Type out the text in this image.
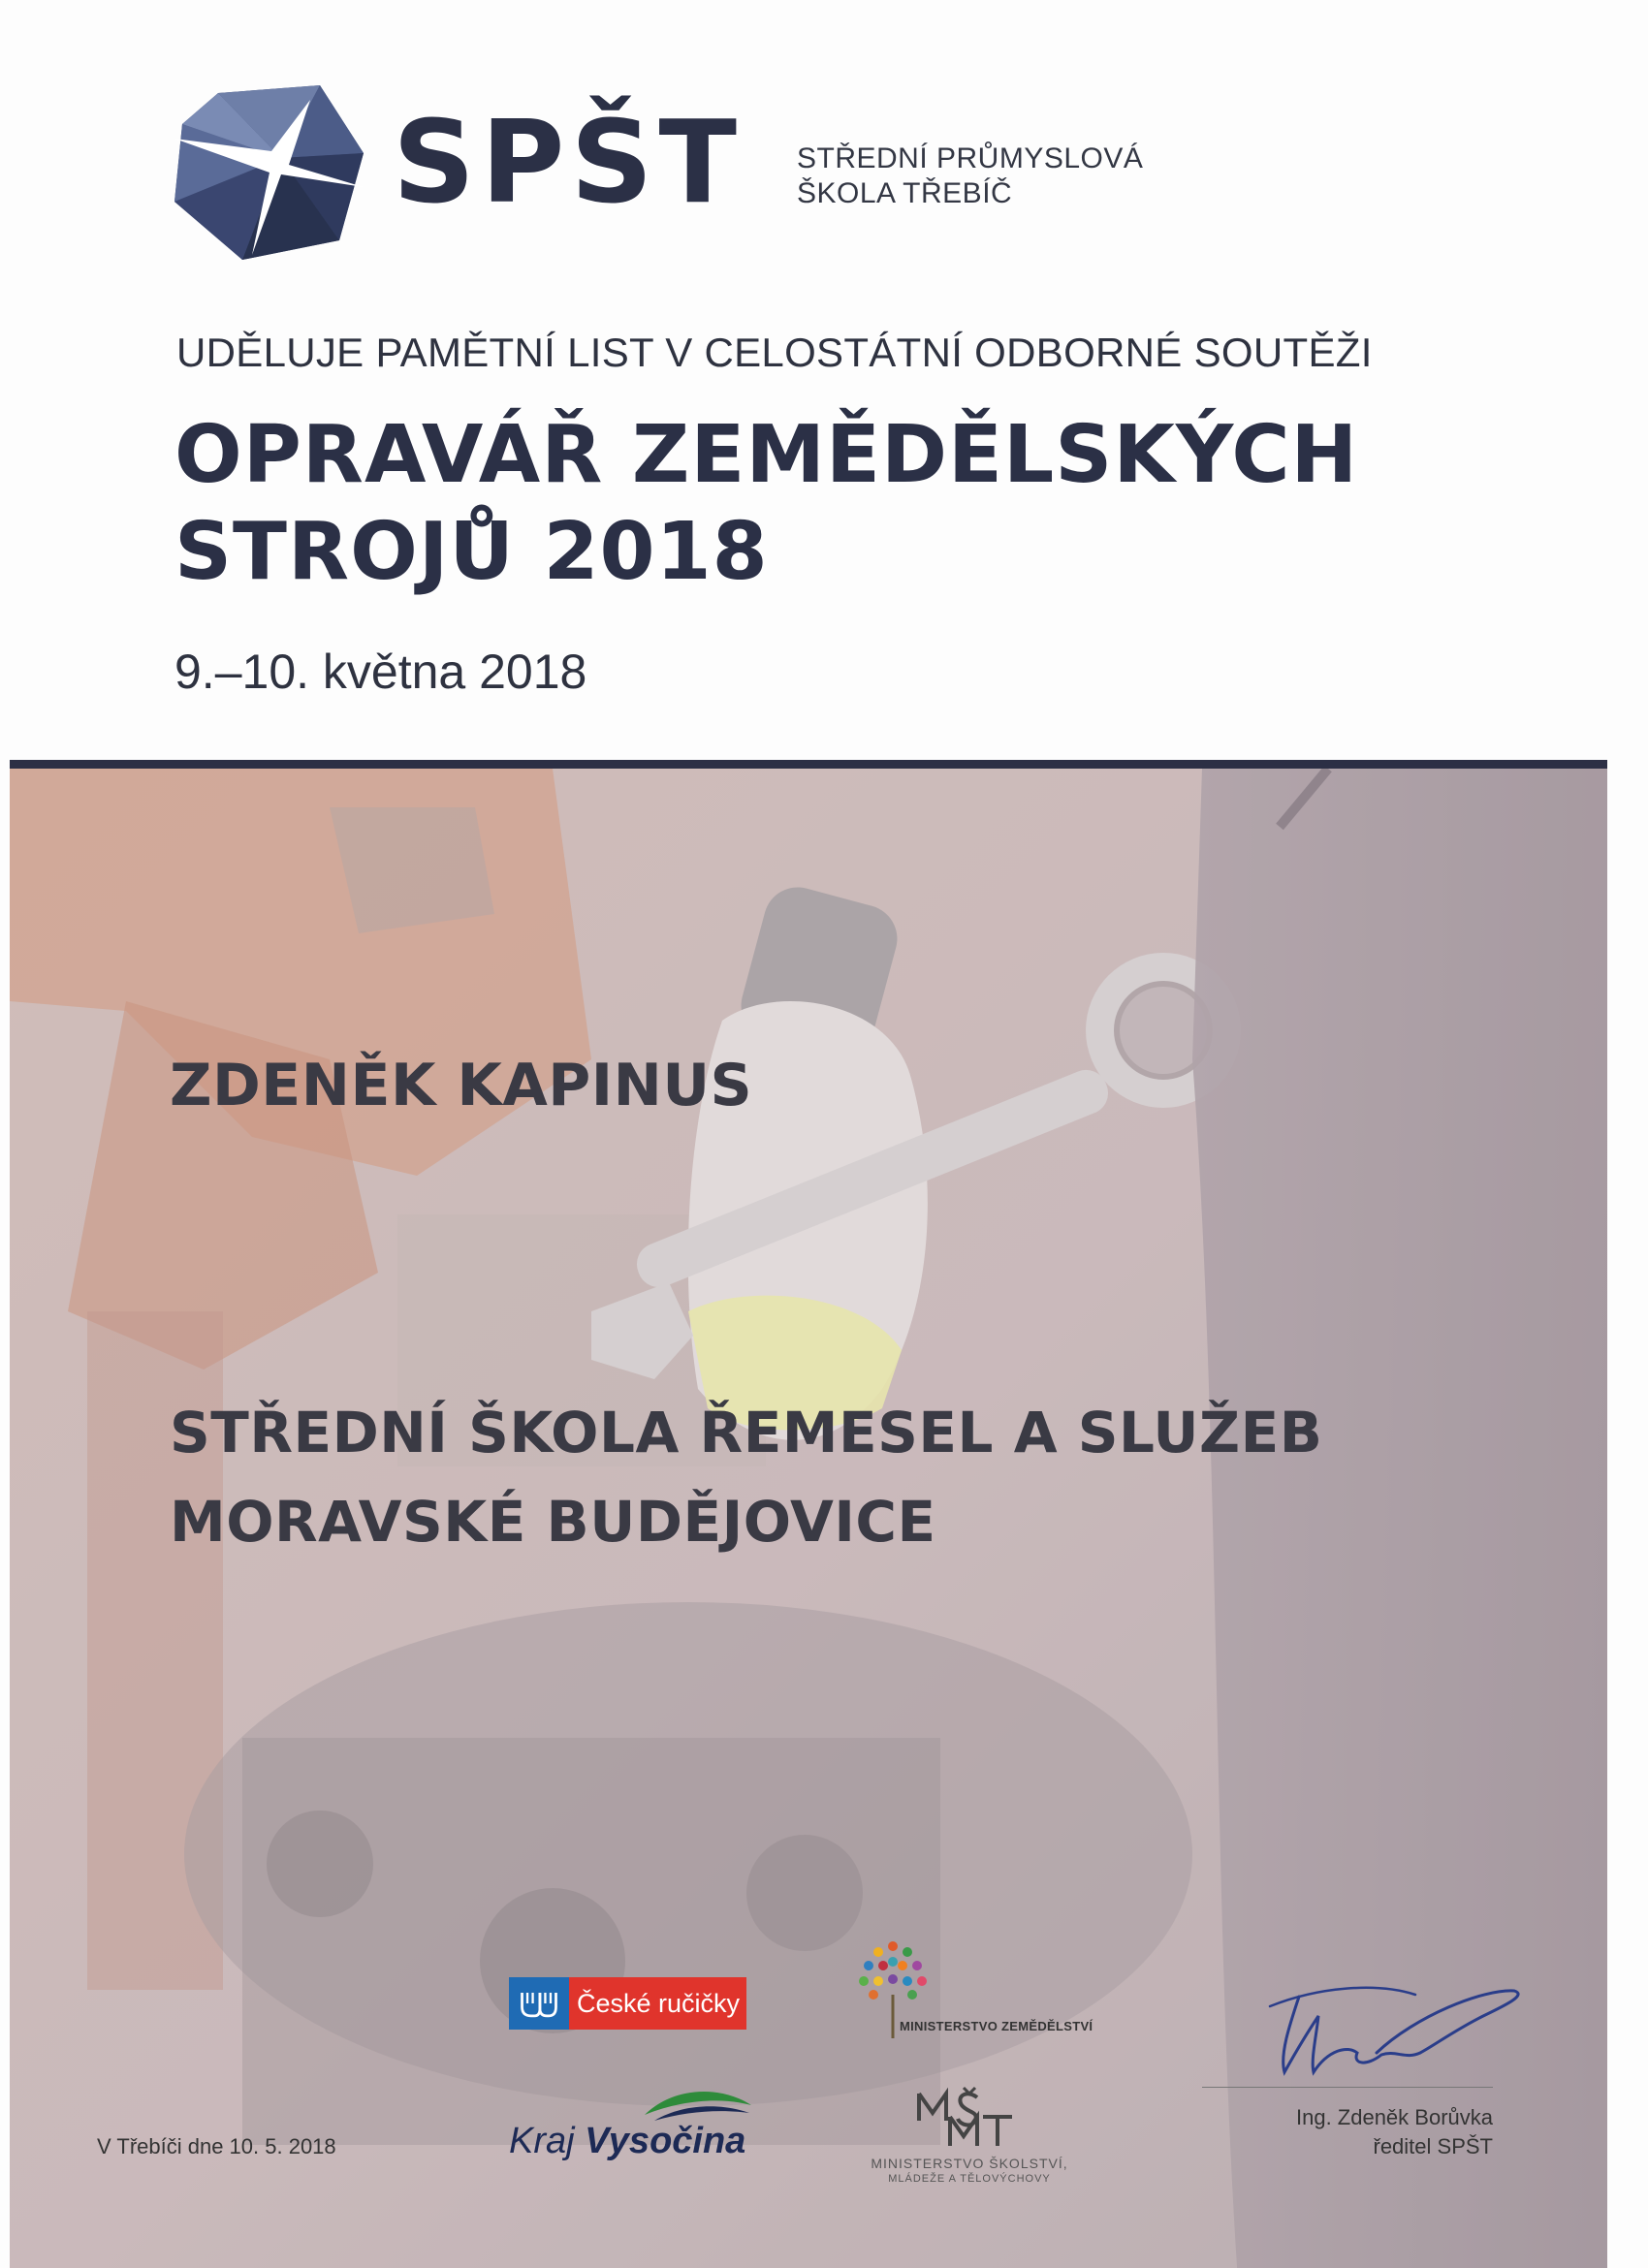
SPŠT STŘEDNÍ PRŮMYSLOVÁ
ŠKOLA TŘEBÍČ
UDĚLUJE PAMĚTNÍ LIST V CELOSTÁTNÍ ODBORNÉ SOUTĚŽI
OPRAVÁŘ ZEMĚDĚLSKÝCH
STROJŮ 2018
9.–10. května 2018
ZDENĚK KAPINUS
STŘEDNÍ ŠKOLA ŘEMESEL A SLUŽEB
MORAVSKÉ BUDĚJOVICE
V Třebíči dne 10. 5. 2018
České ručičky
Kraj Vysočina
MINISTERSTVO ZEMĚDĚLSTVÍ
MINISTERSTVO ŠKOLSTVÍ,
MLÁDEŽE A TĚLOVÝCHOVY
Ing. Zdeněk Borůvka
ředitel SPŠT
